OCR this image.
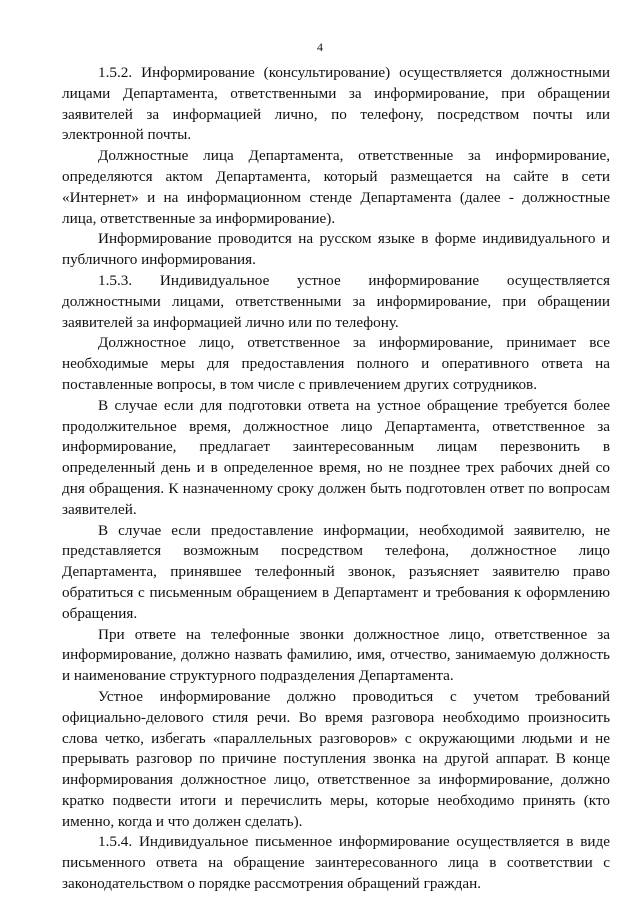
4

1.5.2. Информирование (консультирование) осуществляется должностными лицами Департамента, ответственными за информирование, при обращении заявителей за информацией лично, по телефону, посредством почты или электронной почты.

Должностные лица Департамента, ответственные за информирование, определяются актом Департамента, который размещается на сайте в сети «Интернет» и на информационном стенде Департамента (далее - должностные лица, ответственные за информирование).

Информирование проводится на русском языке в форме индивидуального и публичного информирования.

1.5.3. Индивидуальное устное информирование осуществляется должностными лицами, ответственными за информирование, при обращении заявителей за информацией лично или по телефону.

Должностное лицо, ответственное за информирование, принимает все необходимые меры для предоставления полного и оперативного ответа на поставленные вопросы, в том числе с привлечением других сотрудников.

В случае если для подготовки ответа на устное обращение требуется более продолжительное время, должностное лицо Департамента, ответственное за информирование, предлагает заинтересованным лицам перезвонить в определенный день и в определенное время, но не позднее трех рабочих дней со дня обращения. К назначенному сроку должен быть подготовлен ответ по вопросам заявителей.

В случае если предоставление информации, необходимой заявителю, не представляется возможным посредством телефона, должностное лицо Департамента, принявшее телефонный звонок, разъясняет заявителю право обратиться с письменным обращением в Департамент и требования к оформлению обращения.

При ответе на телефонные звонки должностное лицо, ответственное за информирование, должно назвать фамилию, имя, отчество, занимаемую должность и наименование структурного подразделения Департамента.

Устное информирование должно проводиться с учетом требований официально-делового стиля речи. Во время разговора необходимо произносить слова четко, избегать «параллельных разговоров» с окружающими людьми и не прерывать разговор по причине поступления звонка на другой аппарат. В конце информирования должностное лицо, ответственное за информирование, должно кратко подвести итоги и перечислить меры, которые необходимо принять (кто именно, когда и что должен сделать).

1.5.4. Индивидуальное письменное информирование осуществляется в виде письменного ответа на обращение заинтересованного лица в соответствии с законодательством о порядке рассмотрения обращений граждан.
